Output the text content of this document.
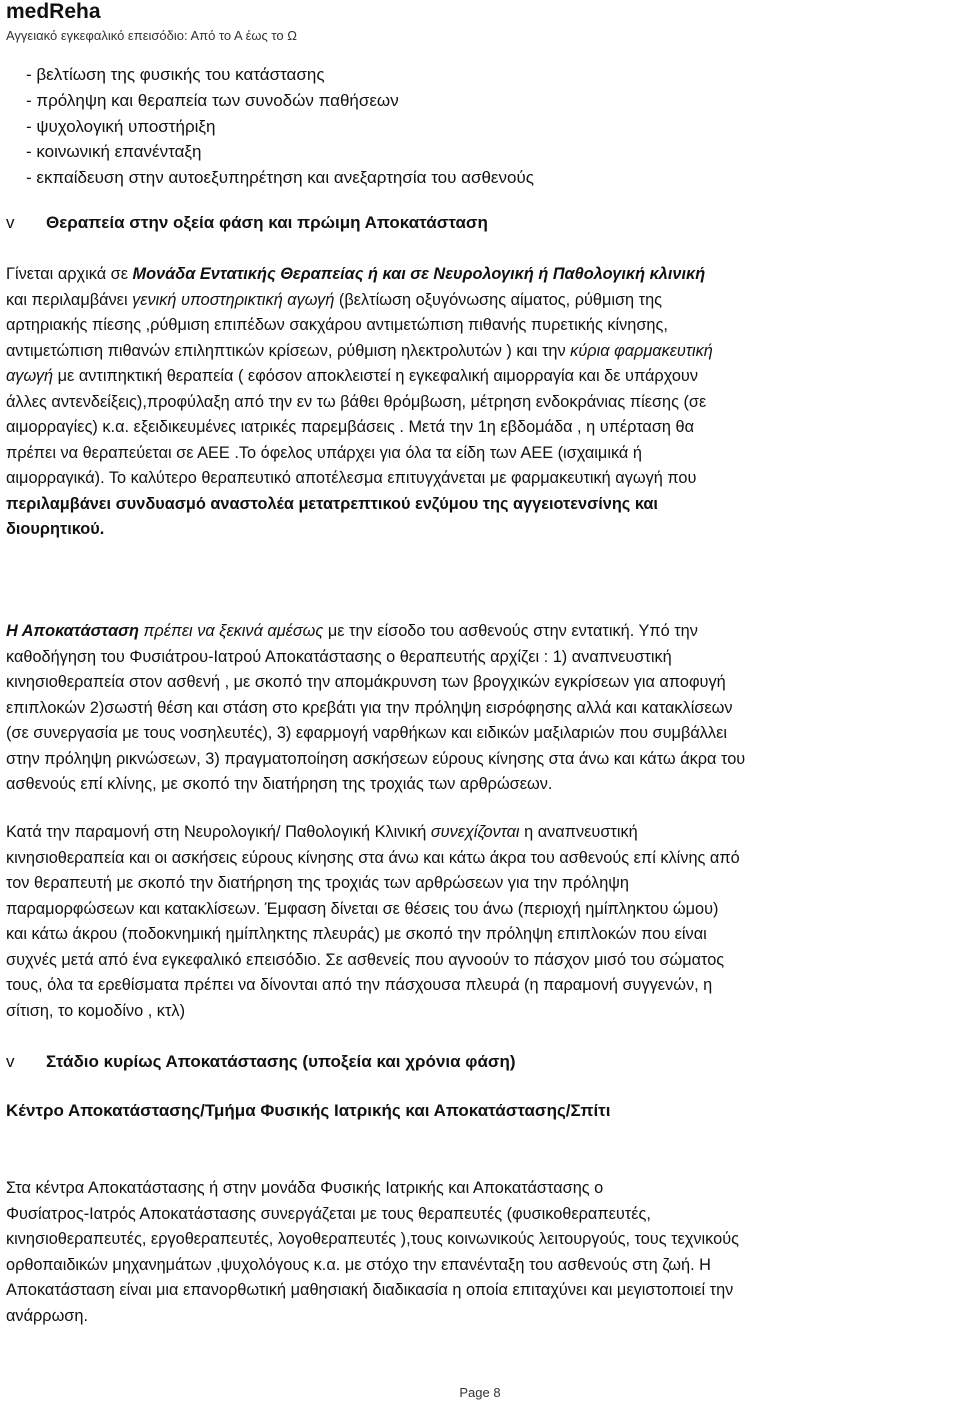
medReha
Αγγειακό εγκεφαλικό επεισόδιο: Από το Α έως το Ω
- βελτίωση της φυσικής του κατάστασης
- πρόληψη και θεραπεία των συνοδών παθήσεων
- ψυχολογική υποστήριξη
- κοινωνική επανένταξη
- εκπαίδευση στην αυτοεξυπηρέτηση και ανεξαρτησία του ασθενούς
v Θεραπεία στην οξεία φάση και πρώιμη Αποκατάσταση
Γίνεται αρχικά σε Μονάδα Εντατικής Θεραπείας ή και σε Νευρολογική ή Παθολογική κλινική
και περιλαμβάνει γενική υποστηρικτική αγωγή (βελτίωση οξυγόνωσης αίματος, ρύθμιση της
αρτηριακής πίεσης ,ρύθμιση επιπέδων σακχάρου αντιμετώπιση πιθανής πυρετικής κίνησης,
αντιμετώπιση πιθανών επιληπτικών κρίσεων, ρύθμιση ηλεκτρολυτών ) και την κύρια φαρμακευτική
αγωγή με αντιπηκτική θεραπεία ( εφόσον αποκλειστεί η εγκεφαλική αιμορραγία και δε υπάρχουν
άλλες αντενδείξεις),προφύλαξη από την εν τω βάθει θρόμβωση, μέτρηση ενδοκράνιας πίεσης (σε
αιμορραγίες) κ.α. εξειδικευμένες ιατρικές παρεμβάσεις . Μετά την 1η εβδομάδα , η υπέρταση θα
πρέπει να θεραπεύεται σε ΑΕΕ .Το όφελος υπάρχει για όλα τα είδη των ΑΕΕ (ισχαιμικά ή
αιμορραγικά). Το καλύτερο θεραπευτικό αποτέλεσμα επιτυγχάνεται με φαρμακευτική αγωγή που
περιλαμβάνει συνδυασμό αναστολέα μετατρεπτικού ενζύμου της αγγειοτενσίνης και
διουρητικού.
Η Αποκατάσταση πρέπει να ξεκινά αμέσως με την είσοδο του ασθενούς στην εντατική. Υπό την
καθοδήγηση του Φυσιάτρου-Ιατρού Αποκατάστασης ο θεραπευτής αρχίζει : 1) αναπνευστική
κινησιοθεραπεία στον ασθενή , με σκοπό την απομάκρυνση των βρογχικών εγκρίσεων για αποφυγή
επιπλοκών 2)σωστή θέση και στάση στο κρεβάτι για την πρόληψη εισρόφησης αλλά και κατακλίσεων
(σε συνεργασία με τους νοσηλευτές), 3) εφαρμογή ναρθήκων και ειδικών μαξιλαριών που συμβάλλει
στην πρόληψη ρικνώσεων, 3) πραγματοποίηση ασκήσεων εύρους κίνησης στα άνω και κάτω άκρα του
ασθενούς επί κλίνης, με σκοπό την διατήρηση της τροχιάς των αρθρώσεων.
Κατά την παραμονή στη Νευρολογική/ Παθολογική Κλινική συνεχίζονται η αναπνευστική
κινησιοθεραπεία και οι ασκήσεις εύρους κίνησης στα άνω και κάτω άκρα του ασθενούς επί κλίνης από
τον θεραπευτή με σκοπό την διατήρηση της τροχιάς των αρθρώσεων για την πρόληψη
παραμορφώσεων και κατακλίσεων. Έμφαση δίνεται σε θέσεις του άνω (περιοχή ημίπληκτου ώμου)
και κάτω άκρου (ποδοκνημική ημίπληκτης πλευράς) με σκοπό την πρόληψη επιπλοκών που είναι
συχνές μετά από ένα εγκεφαλικό επεισόδιο. Σε ασθενείς που αγνοούν το πάσχον μισό του σώματος
τους, όλα τα ερεθίσματα πρέπει να δίνονται από την πάσχουσα πλευρά (η παραμονή συγγενών, η
σίτιση, το κομοδίνο , κτλ)
v Στάδιο κυρίως Αποκατάστασης (υποξεία και χρόνια φάση)
Κέντρο Αποκατάστασης/Τμήμα Φυσικής Ιατρικής και Αποκατάστασης/Σπίτι
Στα κέντρα Αποκατάστασης ή στην μονάδα Φυσικής Ιατρικής και Αποκατάστασης ο
Φυσίατρος-Ιατρός Αποκατάστασης συνεργάζεται με τους θεραπευτές (φυσικοθεραπευτές,
κινησιοθεραπευτές, εργοθεραπευτές, λογοθεραπευτές ),τους κοινωνικούς λειτουργούς, τους τεχνικούς
ορθοπαιδικών μηχανημάτων ,ψυχολόγους κ.α. με στόχο την επανένταξη του ασθενούς στη ζωή. Η
Αποκατάσταση είναι μια επανορθωτική μαθησιακή διαδικασία η οποία επιταχύνει και μεγιστοποιεί την
ανάρρωση.
Page 8
